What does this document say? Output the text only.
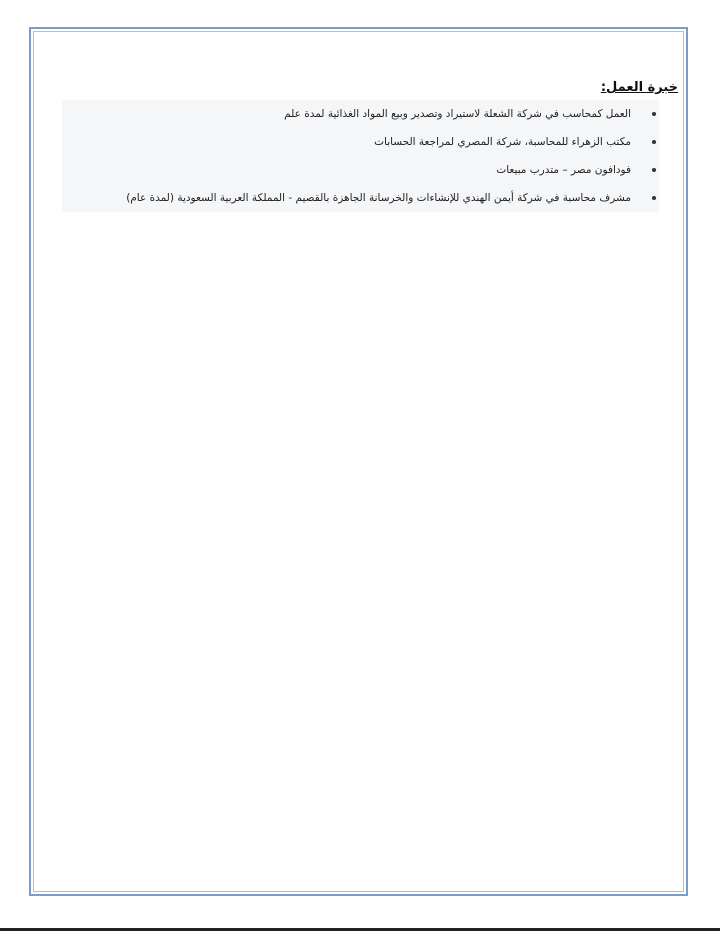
خبرة العمل:
العمل كمحاسب في شركة الشعلة لاستيراد وتصدير وبيع المواد الغذائية لمدة علم
مكتب الزهراء للمحاسبة، شركة المصري لمراجعة الحسابات
فودافون مصر – متدرب مبيعات
مشرف محاسبة في شركة أيمن الهندي للإنشاءات والخرسانة الجاهزة بالقصيم - المملكة العربية السعودية (لمدة عام)
